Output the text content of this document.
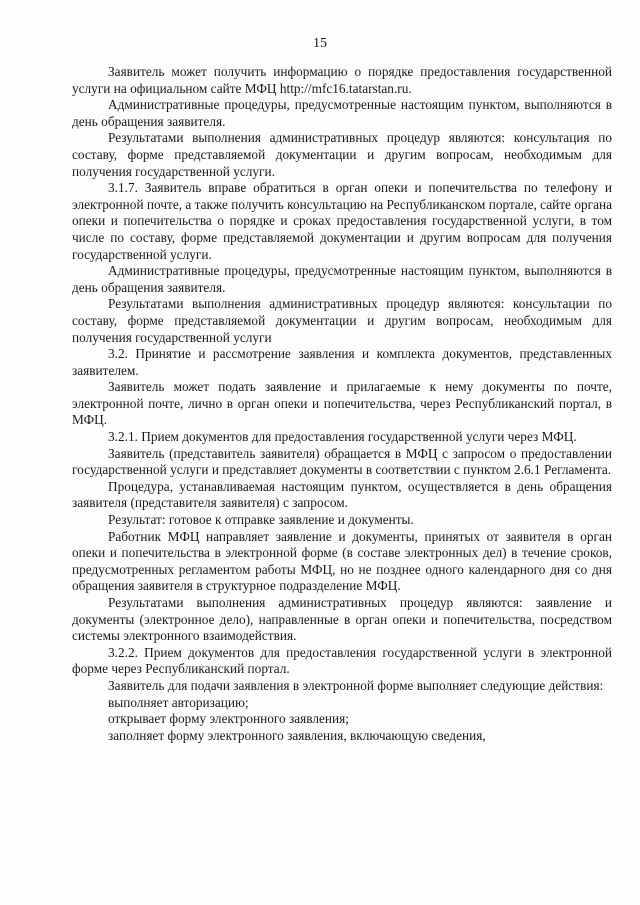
15

Заявитель может получить информацию о порядке предоставления государственной услуги на официальном сайте МФЦ http://mfc16.tatarstan.ru.

Административные процедуры, предусмотренные настоящим пунктом, выполняются в день обращения заявителя.

Результатами выполнения административных процедур являются: консультация по составу, форме представляемой документации и другим вопросам, необходимым для получения государственной услуги.

3.1.7. Заявитель вправе обратиться в орган опеки и попечительства по телефону и электронной почте, а также получить консультацию на Республиканском портале, сайте органа опеки и попечительства о порядке и сроках предоставления государственной услуги, в том числе по составу, форме представляемой документации и другим вопросам для получения государственной услуги.

Административные процедуры, предусмотренные настоящим пунктом, выполняются в день обращения заявителя.

Результатами выполнения административных процедур являются: консультации по составу, форме представляемой документации и другим вопросам, необходимым для получения государственной услуги

3.2. Принятие и рассмотрение заявления и комплекта документов, представленных заявителем.

Заявитель может подать заявление и прилагаемые к нему документы по почте, электронной почте, лично в орган опеки и попечительства, через Республиканский портал, в МФЦ.

3.2.1. Прием документов для предоставления государственной услуги через МФЦ.

Заявитель (представитель заявителя) обращается в МФЦ с запросом о предоставлении государственной услуги и представляет документы в соответствии с пунктом 2.6.1 Регламента.

Процедура, устанавливаемая настоящим пунктом, осуществляется в день обращения заявителя (представителя заявителя) с запросом.

Результат: готовое к отправке заявление и документы.

Работник МФЦ направляет заявление и документы, принятых от заявителя в орган опеки и попечительства в электронной форме (в составе электронных дел) в течение сроков, предусмотренных регламентом работы МФЦ, но не позднее одного календарного дня со дня обращения заявителя в структурное подразделение МФЦ.

Результатами выполнения административных процедур являются: заявление и документы (электронное дело), направленные в орган опеки и попечительства, посредством системы электронного взаимодействия.

3.2.2. Прием документов для предоставления государственной услуги в электронной форме через Республиканский портал.

Заявитель для подачи заявления в электронной форме выполняет следующие действия:

выполняет авторизацию;

открывает форму электронного заявления;

заполняет форму электронного заявления, включающую сведения,
